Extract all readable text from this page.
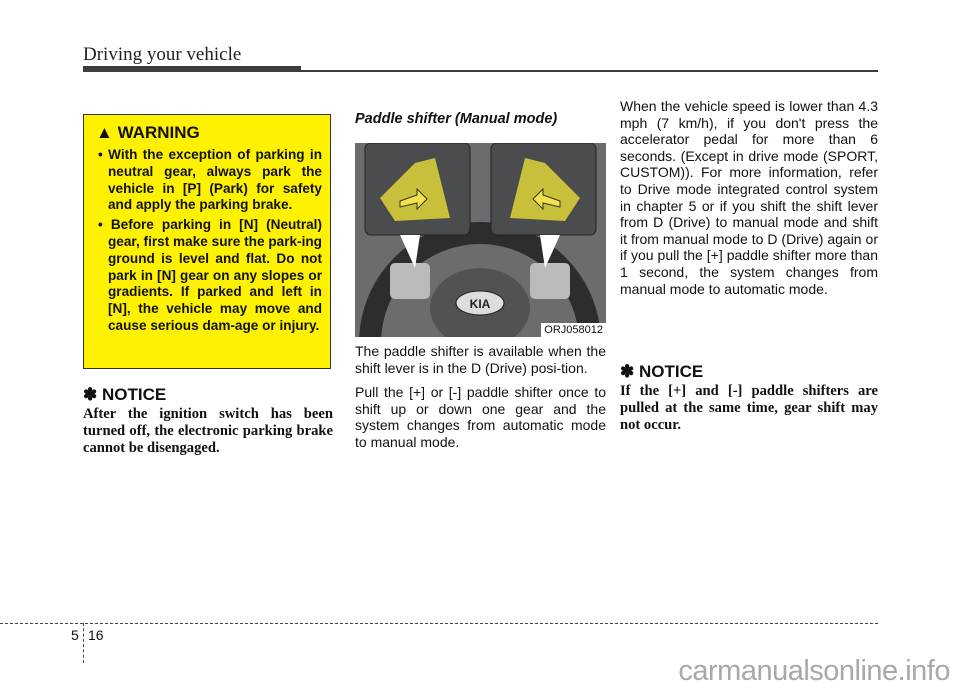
Driving your vehicle
▲ WARNING
• With the exception of parking in neutral gear, always park the vehicle in [P] (Park) for safety and apply the parking brake.
• Before parking in [N] (Neutral) gear, first make sure the park-ing ground is level and flat. Do not park in [N] gear on any slopes or gradients. If parked and left in [N], the vehicle may move and cause serious dam-age or injury.
✽ NOTICE
After the ignition switch has been turned off, the electronic parking brake cannot be disengaged.
Paddle shifter (Manual mode)
KIA
ORJ058012

The paddle shifter is available when the shift lever is in the D (Drive) posi-tion.

Pull the [+] or [-] paddle shifter once to shift up or down one gear and the system changes from automatic mode to manual mode.

When the vehicle speed is lower than 4.3 mph (7 km/h), if you don't press the accelerator pedal for more than 6 seconds. (Except in drive mode (SPORT, CUSTOM)). For more information, refer to Drive mode integrated control system in chapter 5 or if you shift the shift lever from D (Drive) to manual mode and shift it from manual mode to D (Drive) again or if you pull the [+] paddle shifter more than 1 second, the system changes from manual mode to automatic mode.

✽ NOTICE
If the [+] and [-] paddle shifters are pulled at the same time, gear shift may not occur.
5 16
carmanualsonline.info
